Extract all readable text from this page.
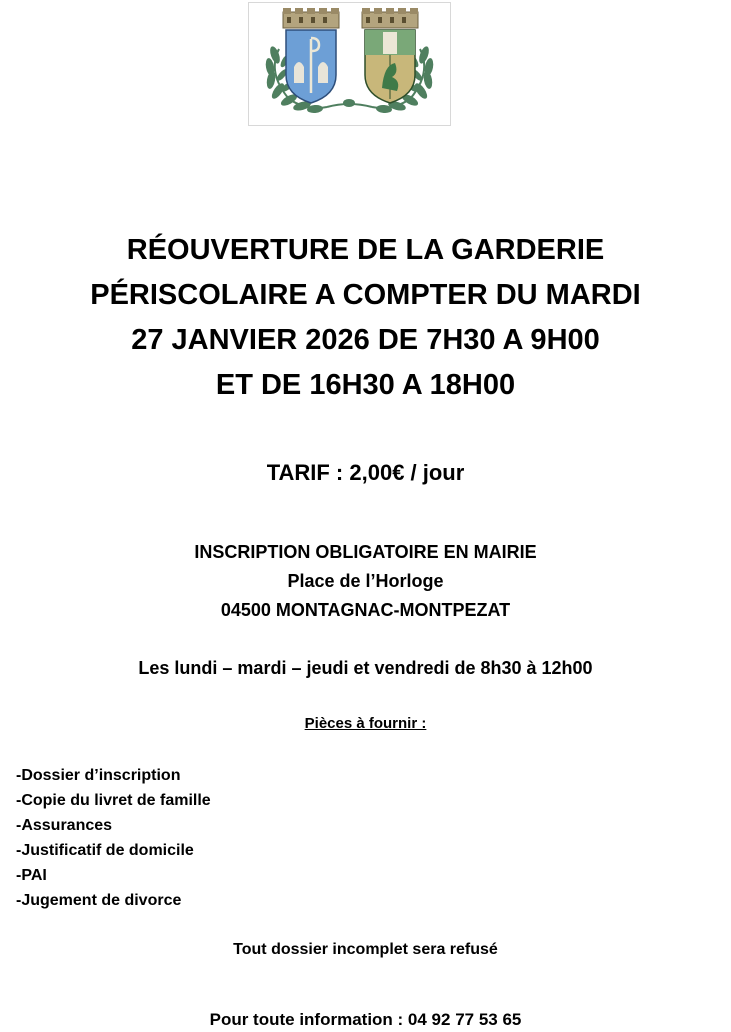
RÉOUVERTURE DE LA GARDERIE
PÉRISCOLAIRE A COMPTER DU MARDI
27 JANVIER 2026 DE 7H30 A 9H00
ET DE 16H30 A 18H00
TARIF : 2,00€ / jour
INSCRIPTION OBLIGATOIRE EN MAIRIE
Place de l’Horloge
04500 MONTAGNAC-MONTPEZAT
Les lundi – mardi – jeudi et vendredi de 8h30 à 12h00
Pièces à fournir :
-Dossier d’inscription
-Copie du livret de famille
-Assurances
-Justificatif de domicile
-PAI
-Jugement de divorce
Tout dossier incomplet sera refusé
Pour toute information : 04 92 77 53 65
